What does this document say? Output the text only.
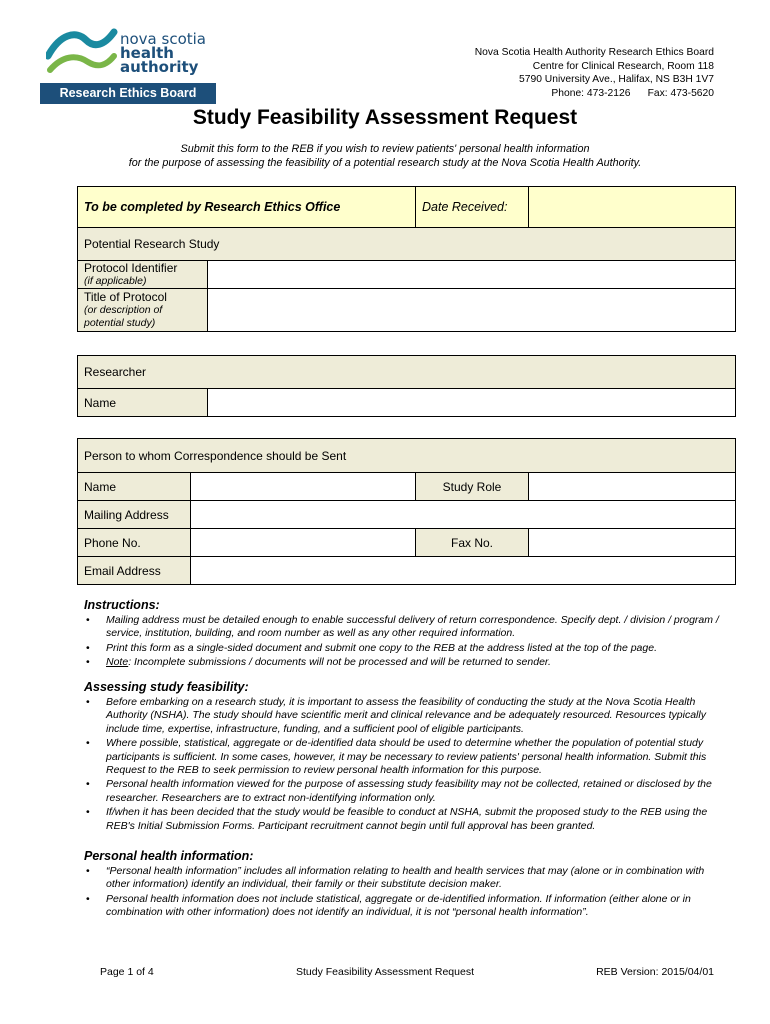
nova scotia
health authority
Research Ethics Board
Nova Scotia Health Authority Research Ethics Board
Centre for Clinical Research, Room 118
5790 University Ave., Halifax, NS B3H 1V7
Phone: 473-2126      Fax: 473-5620
Study Feasibility Assessment Request
Submit this form to the REB if you wish to review patients' personal health information
for the purpose of assessing the feasibility of a potential research study at the Nova Scotia Health Authority.
To be completed by Research Ethics Office		Date Received:	
Potential Research Study			

Protocol Identifier
(if applicable)			

Title of Protocol
(or description of potential study)			

Researcher
Name	
Person to whom Correspondence should be Sent			
Name		Study Role	
Mailing Address			
Phone No.		Fax No.	
Email Address			
Instructions:
• Mailing address must be detailed enough to enable successful delivery of return correspondence. Specify dept. / division / program / service, institution, building, and room number as well as any other required information.
• Print this form as a single-sided document and submit one copy to the REB at the address listed at the top of the page.
• Note: Incomplete submissions / documents will not be processed and will be returned to sender.
Assessing study feasibility:
• Before embarking on a research study, it is important to assess the feasibility of conducting the study at the Nova Scotia Health Authority (NSHA). The study should have scientific merit and clinical relevance and be adequately resourced. Resources typically include time, expertise, infrastructure, funding, and a sufficient pool of eligible participants.
• Where possible, statistical, aggregate or de-identified data should be used to determine whether the population of potential study participants is sufficient. In some cases, however, it may be necessary to review patients' personal health information. Submit this Request to the REB to seek permission to review personal health information for this purpose.
• Personal health information viewed for the purpose of assessing study feasibility may not be collected, retained or disclosed by the researcher. Researchers are to extract non-identifying information only.
• If/when it has been decided that the study would be feasible to conduct at NSHA, submit the proposed study to the REB using the REB's Initial Submission Forms. Participant recruitment cannot begin until full approval has been granted.
Personal health information:
• “Personal health information” includes all information relating to health and health services that may (alone or in combination with other information) identify an individual, their family or their substitute decision maker.
• Personal health information does not include statistical, aggregate or de-identified information. If information (either alone or in combination with other information) does not identify an individual, it is not “personal health information”.
Page 1 of 4	Study Feasibility Assessment Request	REB Version: 2015/04/01
